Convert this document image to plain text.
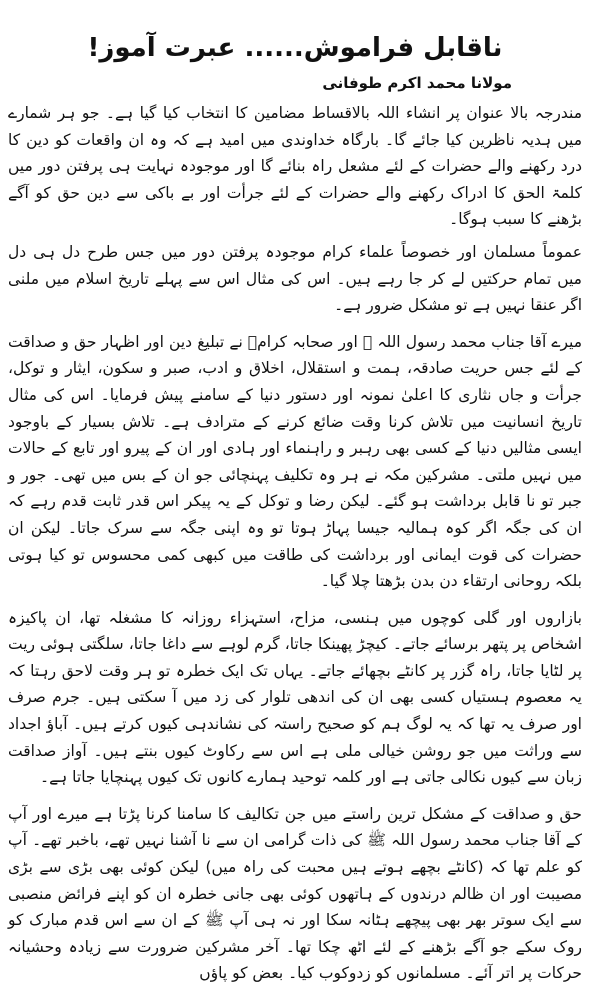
ناقابل فراموش...... عبرت آموز!
مولانا محمد اکرم طوفانی
مندرجہ بالا عنوان پر انشاء اللہ بالاقساط مضامین کا انتخاب کیا گیا ہے۔ جو ہر شمارے میں ہدیہ ناظرین کیا جائے گا۔ بارگاہ خداوندی میں امید ہے کہ وہ ان واقعات کو دین کا درد رکھنے والے حضرات کے لئے مشعل راہ بنائے گا اور موجودہ نہایت ہی پرفتن دور میں کلمۃ الحق کا ادراک رکھنے والے حضرات کے لئے جرأت اور بے باکی سے دین حق کو آگے بڑھنے کا سبب ہوگا۔
عموماً مسلمان اور خصوصاً علماء کرام موجودہ پرفتن دور میں جس طرح دل ہی دل میں تمام حرکتیں لے کر جا رہے ہیں۔ اس کی مثال اس سے پہلے تاریخ اسلام میں ملنی اگر عنقا نہیں ہے تو مشکل ضرور ہے۔
میرے آقا جناب محمد رسول اللہ ﷺ اور صحابہ کرامؓ نے تبلیغ دین اور اظہار حق و صداقت کے لئے جس حریت صادقہ، ہمت و استقلال، اخلاق و ادب، صبر و سکون، ایثار و توکل، جرأت و جاں نثاری کا اعلیٰ نمونہ اور دستور دنیا کے سامنے پیش فرمایا۔ اس کی مثال تاریخ انسانیت میں تلاش کرنا وقت ضائع کرنے کے مترادف ہے۔ تلاش بسیار کے باوجود ایسی مثالیں دنیا کے کسی بھی رہبر و راہنماء اور ہادی اور ان کے پیرو اور تابع کے حالات میں نہیں ملتی۔ مشرکین مکہ نے ہر وہ تکلیف پہنچائی جو ان کے بس میں تھی۔ جور و جبر تو نا قابل برداشت ہو گئے۔ لیکن رضا و توکل کے یہ پیکر اس قدر ثابت قدم رہے کہ ان کی جگہ اگر کوہ ہمالیہ جیسا پہاڑ ہوتا تو وہ اپنی جگہ سے سرک جاتا۔ لیکن ان حضرات کی قوت ایمانی اور برداشت کی طاقت میں کبھی کمی محسوس تو کیا ہوتی بلکہ روحانی ارتقاء دن بدن بڑھتا چلا گیا۔
بازاروں اور گلی کوچوں میں ہنسی، مزاح، استہزاء روزانہ کا مشغلہ تھا، ان پاکیزہ اشخاص پر پتھر برسائے جاتے۔ کیچڑ پھینکا جاتا، گرم لوہے سے داغا جاتا، سلگتی ہوئی ریت پر لٹایا جاتا، راہ گزر پر کانٹے بچھائے جاتے۔ یہاں تک ایک خطرہ تو ہر وقت لاحق رہتا کہ یہ معصوم ہستیاں کسی بھی ان کی اندھی تلوار کی زد میں آ سکتی ہیں۔ جرم صرف اور صرف یہ تھا کہ یہ لوگ ہم کو صحیح راستہ کی نشاندہی کیوں کرتے ہیں۔ آباؤ اجداد سے وراثت میں جو روشن خیالی ملی ہے اس سے رکاوٹ کیوں بنتے ہیں۔ آواز صداقت زبان سے کیوں نکالی جاتی ہے اور کلمہ توحید ہمارے کانوں تک کیوں پہنچایا جاتا ہے۔
حق و صداقت کے مشکل ترین راستے میں جن تکالیف کا سامنا کرنا پڑتا ہے میرے اور آپ کے آقا جناب محمد رسول اللہ ﷺ کی ذات گرامی ان سے نا آشنا نہیں تھے، باخبر تھے۔ آپ کو علم تھا کہ (کانٹے بچھے ہوتے ہیں محبت کی راہ میں) لیکن کوئی بھی بڑی سے بڑی مصیبت اور ان ظالم درندوں کے ہاتھوں کوئی بھی جانی خطرہ ان کو اپنے فرائض منصبی سے ایک سوتر بھر بھی پیچھے ہٹانہ سکا اور نہ ہی آپ ﷺ کے ان سے اس قدم مبارک کو روک سکے جو آگے بڑھنے کے لئے اٹھ چکا تھا۔ آخر مشرکین ضرورت سے زیادہ وحشیانہ حرکات پر اتر آئے۔ مسلمانوں کو زدوکوب کیا۔ بعض کو پاؤں
